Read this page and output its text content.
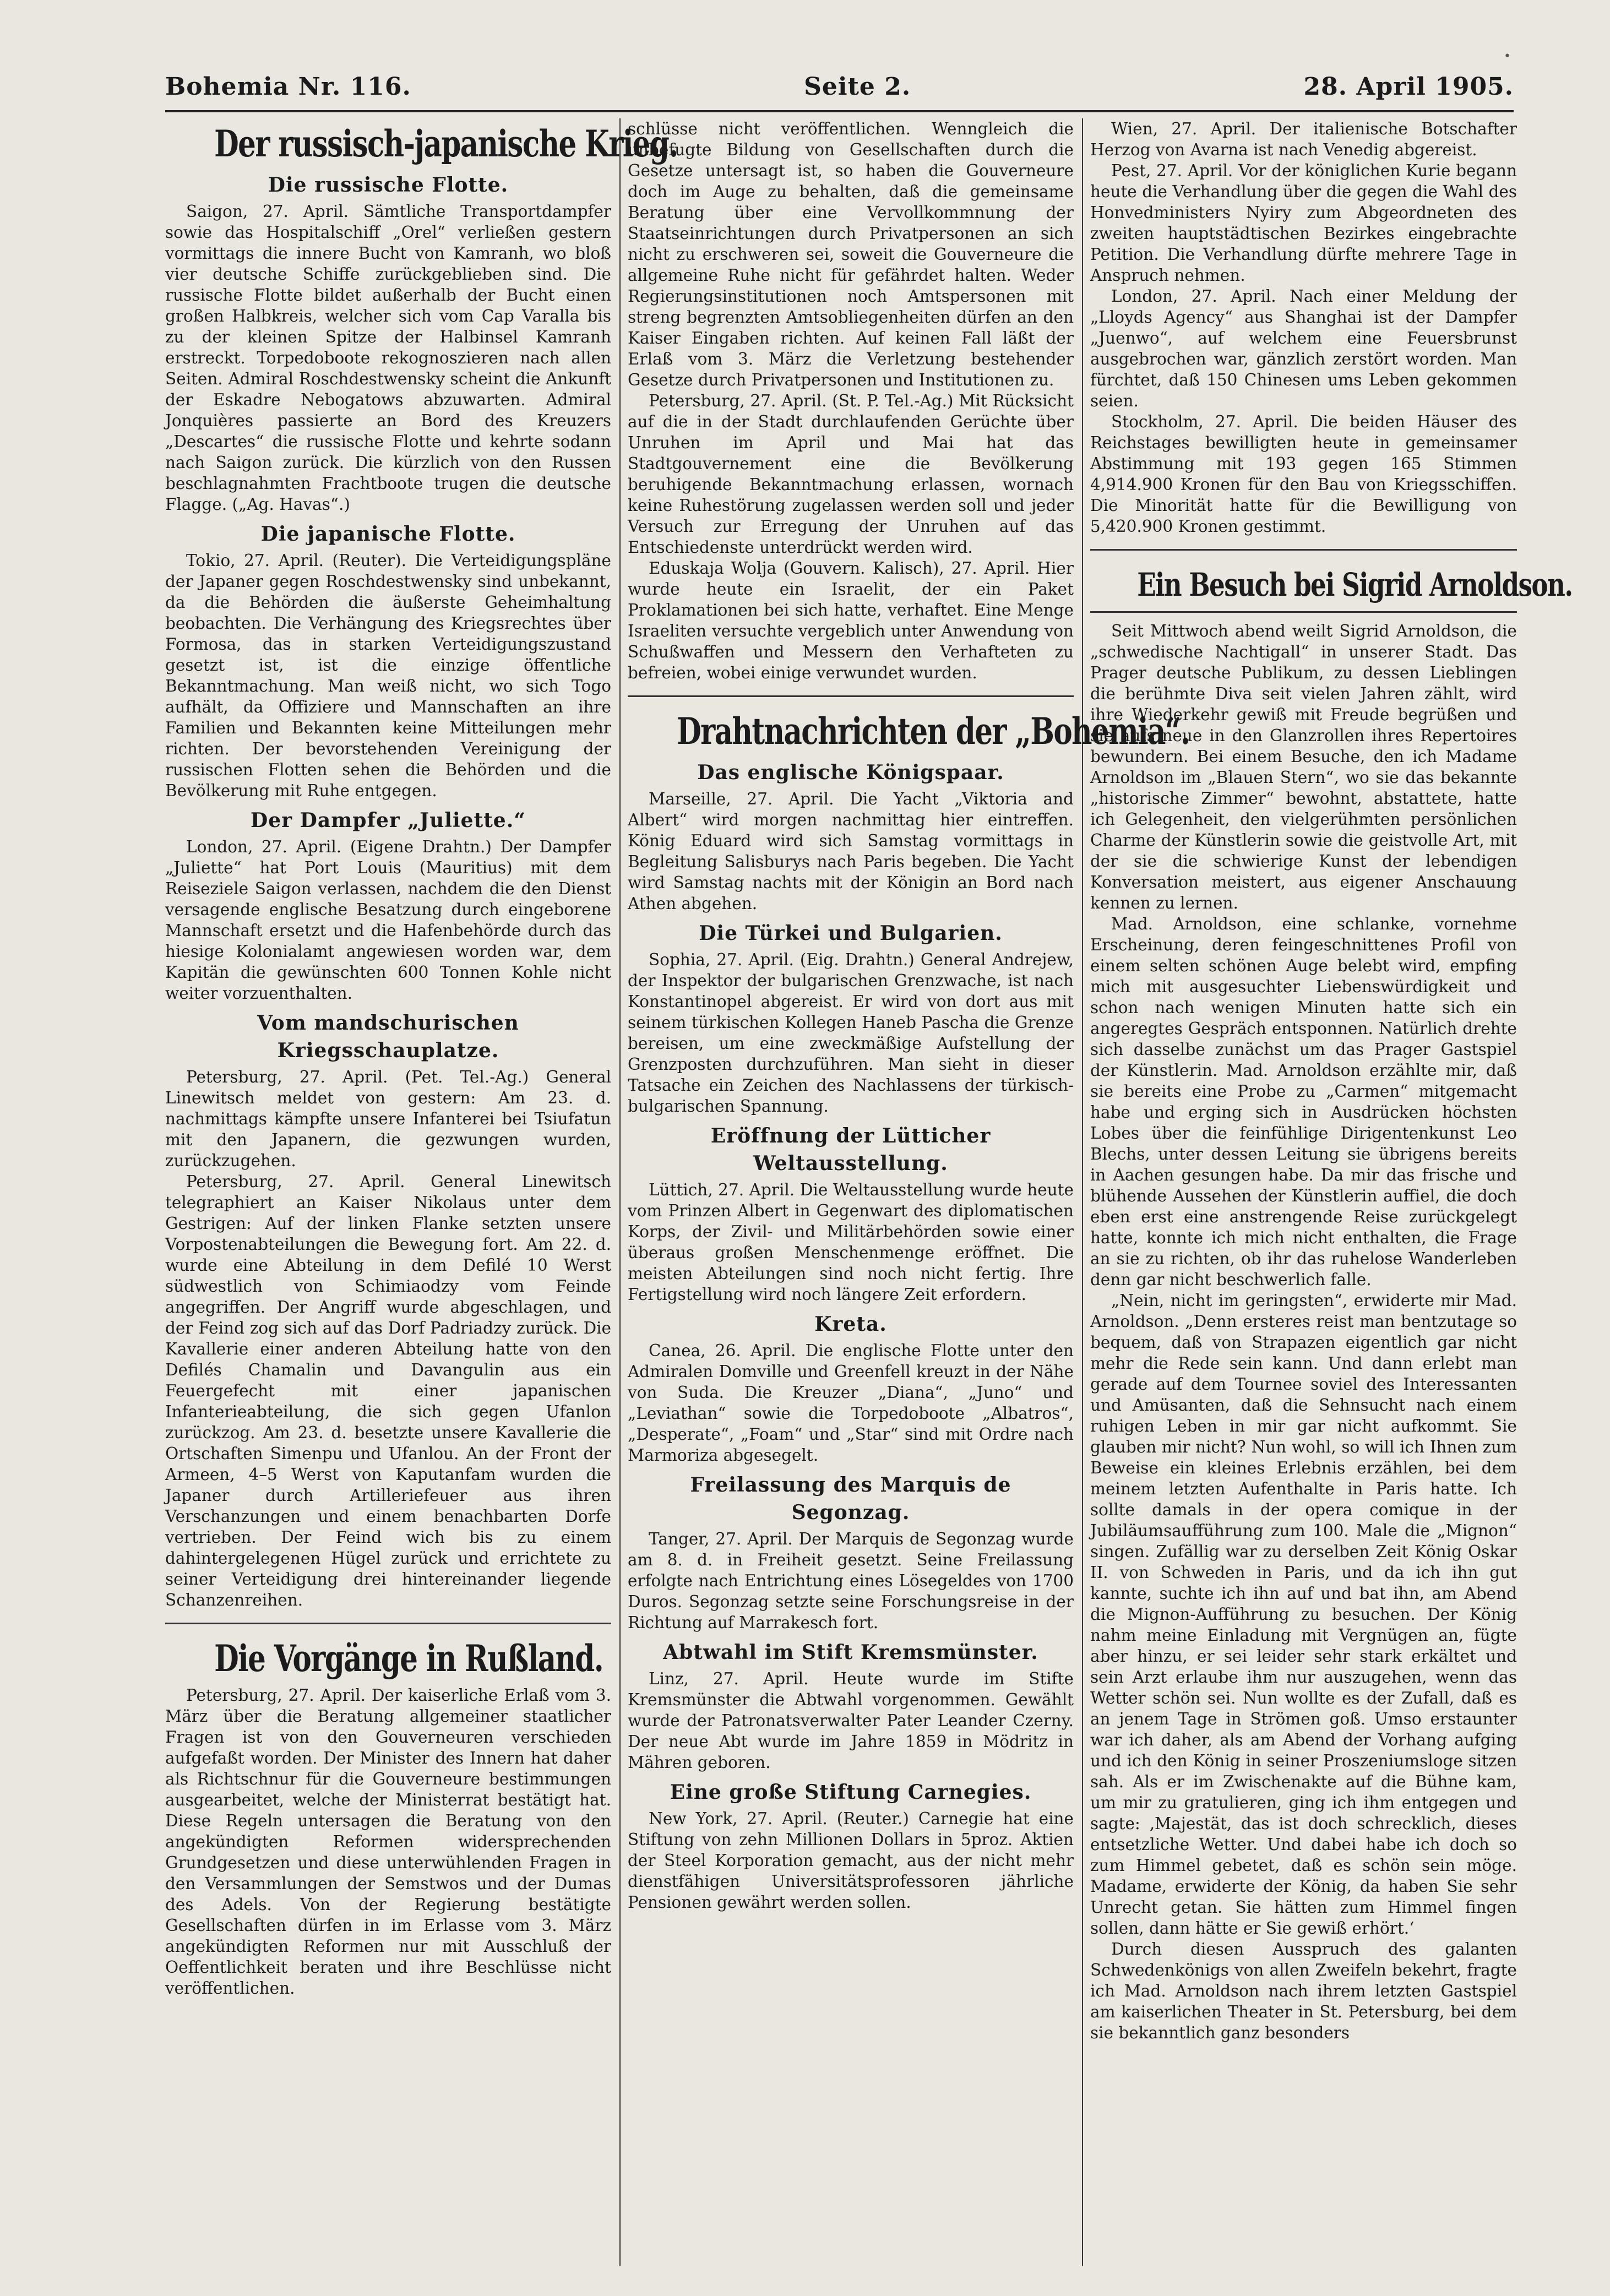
•
Bohemia Nr. 116.	Seite 2.	28. April 1905.
Der russisch-japanische Krieg.
Die russische Flotte.

Saigon, 27. April. Sämtliche Transportdampfer sowie das Hospitalschiff „Orel“ verließen gestern vormittags die innere Bucht von Kamranh, wo bloß vier deutsche Schiffe zurückgeblieben sind. Die russische Flotte bildet außerhalb der Bucht einen großen Halbkreis, welcher sich vom Cap Varalla bis zu der kleinen Spitze der Halbinsel Kamranh erstreckt. Torpedoboote rekognoszieren nach allen Seiten. Admiral Roschdestwensky scheint die Ankunft der Eskadre Nebogatows abzuwarten. Admiral Jonquières passierte an Bord des Kreuzers „Descartes“ die russische Flotte und kehrte sodann nach Saigon zurück. Die kürzlich von den Russen beschlagnahmten Frachtboote trugen die deutsche Flagge. („Ag. Havas“.)

Die japanische Flotte.

Tokio, 27. April. (Reuter). Die Verteidigungspläne der Japaner gegen Roschdestwensky sind unbekannt, da die Behörden die äußerste Geheimhaltung beobachten. Die Verhängung des Kriegsrechtes über Formosa, das in starken Verteidigungszustand gesetzt ist, ist die einzige öffentliche Bekanntmachung. Man weiß nicht, wo sich Togo aufhält, da Offiziere und Mannschaften an ihre Familien und Bekannten keine Mitteilungen mehr richten. Der bevorstehenden Vereinigung der russischen Flotten sehen die Behörden und die Bevölkerung mit Ruhe entgegen.

Der Dampfer „Juliette.“

London, 27. April. (Eigene Drahtn.) Der Dampfer „Juliette“ hat Port Louis (Mauritius) mit dem Reiseziele Saigon verlassen, nachdem die den Dienst versagende englische Besatzung durch eingeborene Mannschaft ersetzt und die Hafenbehörde durch das hiesige Kolonialamt angewiesen worden war, dem Kapitän die gewünschten 600 Tonnen Kohle nicht weiter vorzuenthalten.

Vom mandschurischen Kriegsschauplatze.

Petersburg, 27. April. (Pet. Tel.-Ag.) General Linewitsch meldet von gestern: Am 23. d. nachmittags kämpfte unsere Infanterei bei Tsiufatun mit den Japanern, die gezwungen wurden, zurückzugehen.

Petersburg, 27. April. General Linewitsch telegraphiert an Kaiser Nikolaus unter dem Gestrigen: Auf der linken Flanke setzten unsere Vorpostenabteilungen die Bewegung fort. Am 22. d. wurde eine Abteilung in dem Defilé 10 Werst südwestlich von Schimiaodzy vom Feinde angegriffen. Der Angriff wurde abgeschlagen, und der Feind zog sich auf das Dorf Padriadzy zurück. Die Kavallerie einer anderen Abteilung hatte von den Defilés Chamalin und Davangulin aus ein Feuergefecht mit einer japanischen Infanterieabteilung, die sich gegen Ufanlon zurückzog. Am 23. d. besetzte unsere Kavallerie die Ortschaften Simenpu und Ufanlou. An der Front der Armeen, 4–5 Werst von Kaputanfam wurden die Japaner durch Artilleriefeuer aus ihren Verschanzungen und einem benachbarten Dorfe vertrieben. Der Feind wich bis zu einem dahintergelegenen Hügel zurück und errichtete zu seiner Verteidigung drei hintereinander liegende Schanzenreihen.

Die Vorgänge in Rußland.

Petersburg, 27. April. Der kaiserliche Erlaß vom 3. März über die Beratung allgemeiner staatlicher Fragen ist von den Gouverneuren verschieden aufgefaßt worden. Der Minister des Innern hat daher als Richtschnur für die Gouverneure bestimmungen ausgearbeitet, welche der Ministerrat bestätigt hat. Diese Regeln untersagen die Beratung von den angekündigten Reformen widersprechenden Grundgesetzen und diese unterwühlenden Fragen in den Versammlungen der Semstwos und der Dumas des Adels. Von der Regierung bestätigte Gesellschaften dürfen in im Erlasse vom 3. März angekündigten Reformen nur mit Ausschluß der Oeffentlichkeit beraten und ihre Beschlüsse nicht veröffentlichen.

schlüsse nicht veröffentlichen. Wenngleich die unbefugte Bildung von Gesellschaften durch die Gesetze untersagt ist, so haben die Gouverneure doch im Auge zu behalten, daß die gemeinsame Beratung über eine Vervollkommnung der Staatseinrichtungen durch Privatpersonen an sich nicht zu erschweren sei, soweit die Gouverneure die allgemeine Ruhe nicht für gefährdet halten. Weder Regierungsinstitutionen noch Amtspersonen mit streng begrenzten Amtsobliegenheiten dürfen an den Kaiser Eingaben richten. Auf keinen Fall läßt der Erlaß vom 3. März die Verletzung bestehender Gesetze durch Privatpersonen und Institutionen zu.

Petersburg, 27. April. (St. P. Tel.-Ag.) Mit Rücksicht auf die in der Stadt durchlaufenden Gerüchte über Unruhen im April und Mai hat das Stadtgouvernement eine die Bevölkerung beruhigende Bekanntmachung erlassen, wornach keine Ruhestörung zugelassen werden soll und jeder Versuch zur Erregung der Unruhen auf das Entschiedenste unterdrückt werden wird.

Eduskaja Wolja (Gouvern. Kalisch), 27. April. Hier wurde heute ein Israelit, der ein Paket Proklamationen bei sich hatte, verhaftet. Eine Menge Israeliten versuchte vergeblich unter Anwendung von Schußwaffen und Messern den Verhafteten zu befreien, wobei einige verwundet wurden.

Drahtnachrichten der „Bohemia“.
Das englische Königspaar.

Marseille, 27. April. Die Yacht „Viktoria and Albert“ wird morgen nachmittag hier eintreffen. König Eduard wird sich Samstag vormittags in Begleitung Salisburys nach Paris begeben. Die Yacht wird Samstag nachts mit der Königin an Bord nach Athen abgehen.

Die Türkei und Bulgarien.

Sophia, 27. April. (Eig. Drahtn.) General Andrejew, der Inspektor der bulgarischen Grenzwache, ist nach Konstantinopel abgereist. Er wird von dort aus mit seinem türkischen Kollegen Haneb Pascha die Grenze bereisen, um eine zweckmäßige Aufstellung der Grenzposten durchzuführen. Man sieht in dieser Tatsache ein Zeichen des Nachlassens der türkisch-bulgarischen Spannung.

Eröffnung der Lütticher Weltausstellung.

Lüttich, 27. April. Die Weltausstellung wurde heute vom Prinzen Albert in Gegenwart des diplomatischen Korps, der Zivil- und Militärbehörden sowie einer überaus großen Menschenmenge eröffnet. Die meisten Abteilungen sind noch nicht fertig. Ihre Fertigstellung wird noch längere Zeit erfordern.

Kreta.

Canea, 26. April. Die englische Flotte unter den Admiralen Domville und Greenfell kreuzt in der Nähe von Suda. Die Kreuzer „Diana“, „Juno“ und „Leviathan“ sowie die Torpedoboote „Albatros“, „Desperate“, „Foam“ und „Star“ sind mit Ordre nach Marmoriza abgesegelt.

Freilassung des Marquis de Segonzag.

Tanger, 27. April. Der Marquis de Segonzag wurde am 8. d. in Freiheit gesetzt. Seine Freilassung erfolgte nach Entrichtung eines Lösegeldes von 1700 Duros. Segonzag setzte seine Forschungsreise in der Richtung auf Marrakesch fort.

Abtwahl im Stift Kremsmünster.

Linz, 27. April. Heute wurde im Stifte Kremsmünster die Abtwahl vorgenommen. Gewählt wurde der Patronatsverwalter Pater Leander Czerny. Der neue Abt wurde im Jahre 1859 in Mödritz in Mähren geboren.

Eine große Stiftung Carnegies.

New York, 27. April. (Reuter.) Carnegie hat eine Stiftung von zehn Millionen Dollars in 5proz. Aktien der Steel Korporation gemacht, aus der nicht mehr dienstfähigen Universitätsprofessoren jährliche Pensionen gewährt werden sollen.

Wien, 27. April. Der italienische Botschafter Herzog von Avarna ist nach Venedig abgereist.

Pest, 27. April. Vor der königlichen Kurie begann heute die Verhandlung über die gegen die Wahl des Honvedministers Nyiry zum Abgeordneten des zweiten hauptstädtischen Bezirkes eingebrachte Petition. Die Verhandlung dürfte mehrere Tage in Anspruch nehmen.

London, 27. April. Nach einer Meldung der „Lloyds Agency“ aus Shanghai ist der Dampfer „Juenwo“, auf welchem eine Feuersbrunst ausgebrochen war, gänzlich zerstört worden. Man fürchtet, daß 150 Chinesen ums Leben gekommen seien.

Stockholm, 27. April. Die beiden Häuser des Reichstages bewilligten heute in gemeinsamer Abstimmung mit 193 gegen 165 Stimmen 4,914.900 Kronen für den Bau von Kriegsschiffen. Die Minorität hatte für die Bewilligung von 5,420.900 Kronen gestimmt.

Ein Besuch bei Sigrid Arnoldson.

Seit Mittwoch abend weilt Sigrid Arnoldson, die „schwedische Nachtigall“ in unserer Stadt. Das Prager deutsche Publikum, zu dessen Lieblingen die berühmte Diva seit vielen Jahren zählt, wird ihre Wiederkehr gewiß mit Freude begrüßen und sie aufs neue in den Glanzrollen ihres Repertoires bewundern. Bei einem Besuche, den ich Madame Arnoldson im „Blauen Stern“, wo sie das bekannte „historische Zimmer“ bewohnt, abstattete, hatte ich Gelegenheit, den vielgerühmten persönlichen Charme der Künstlerin sowie die geistvolle Art, mit der sie die schwierige Kunst der lebendigen Konversation meistert, aus eigener Anschauung kennen zu lernen.

Mad. Arnoldson, eine schlanke, vornehme Erscheinung, deren feingeschnittenes Profil von einem selten schönen Auge belebt wird, empfing mich mit ausgesuchter Liebenswürdigkeit und schon nach wenigen Minuten hatte sich ein angeregtes Gespräch entsponnen. Natürlich drehte sich dasselbe zunächst um das Prager Gastspiel der Künstlerin. Mad. Arnoldson erzählte mir, daß sie bereits eine Probe zu „Carmen“ mitgemacht habe und erging sich in Ausdrücken höchsten Lobes über die feinfühlige Dirigentenkunst Leo Blechs, unter dessen Leitung sie übrigens bereits in Aachen gesungen habe. Da mir das frische und blühende Aussehen der Künstlerin auffiel, die doch eben erst eine anstrengende Reise zurückgelegt hatte, konnte ich mich nicht enthalten, die Frage an sie zu richten, ob ihr das ruhelose Wanderleben denn gar nicht beschwerlich falle.

„Nein, nicht im geringsten“, erwiderte mir Mad. Arnoldson. „Denn ersteres reist man bentzutage so bequem, daß von Strapazen eigentlich gar nicht mehr die Rede sein kann. Und dann erlebt man gerade auf dem Tournee soviel des Interessanten und Amüsanten, daß die Sehnsucht nach einem ruhigen Leben in mir gar nicht aufkommt. Sie glauben mir nicht? Nun wohl, so will ich Ihnen zum Beweise ein kleines Erlebnis erzählen, bei dem meinem letzten Aufenthalte in Paris hatte. Ich sollte damals in der opera comique in der Jubiläumsaufführung zum 100. Male die „Mignon“ singen. Zufällig war zu derselben Zeit König Oskar II. von Schweden in Paris, und da ich ihn gut kannte, suchte ich ihn auf und bat ihn, am Abend die Mignon-Aufführung zu besuchen. Der König nahm meine Einladung mit Vergnügen an, fügte aber hinzu, er sei leider sehr stark erkältet und sein Arzt erlaube ihm nur auszugehen, wenn das Wetter schön sei. Nun wollte es der Zufall, daß es an jenem Tage in Strömen goß. Umso erstaunter war ich daher, als am Abend der Vorhang aufging und ich den König in seiner Proszeniumsloge sitzen sah. Als er im Zwischenakte auf die Bühne kam, um mir zu gratulieren, ging ich ihm entgegen und sagte: ‚Majestät, das ist doch schrecklich, dieses entsetzliche Wetter. Und dabei habe ich doch so zum Himmel gebetet, daß es schön sein möge. Madame, erwiderte der König, da haben Sie sehr Unrecht getan. Sie hätten zum Himmel fingen sollen, dann hätte er Sie gewiß erhört.‘

Durch diesen Ausspruch des galanten Schwedenkönigs von allen Zweifeln bekehrt, fragte ich Mad. Arnoldson nach ihrem letzten Gastspiel am kaiserlichen Theater in St. Petersburg, bei dem sie bekanntlich ganz besonders
